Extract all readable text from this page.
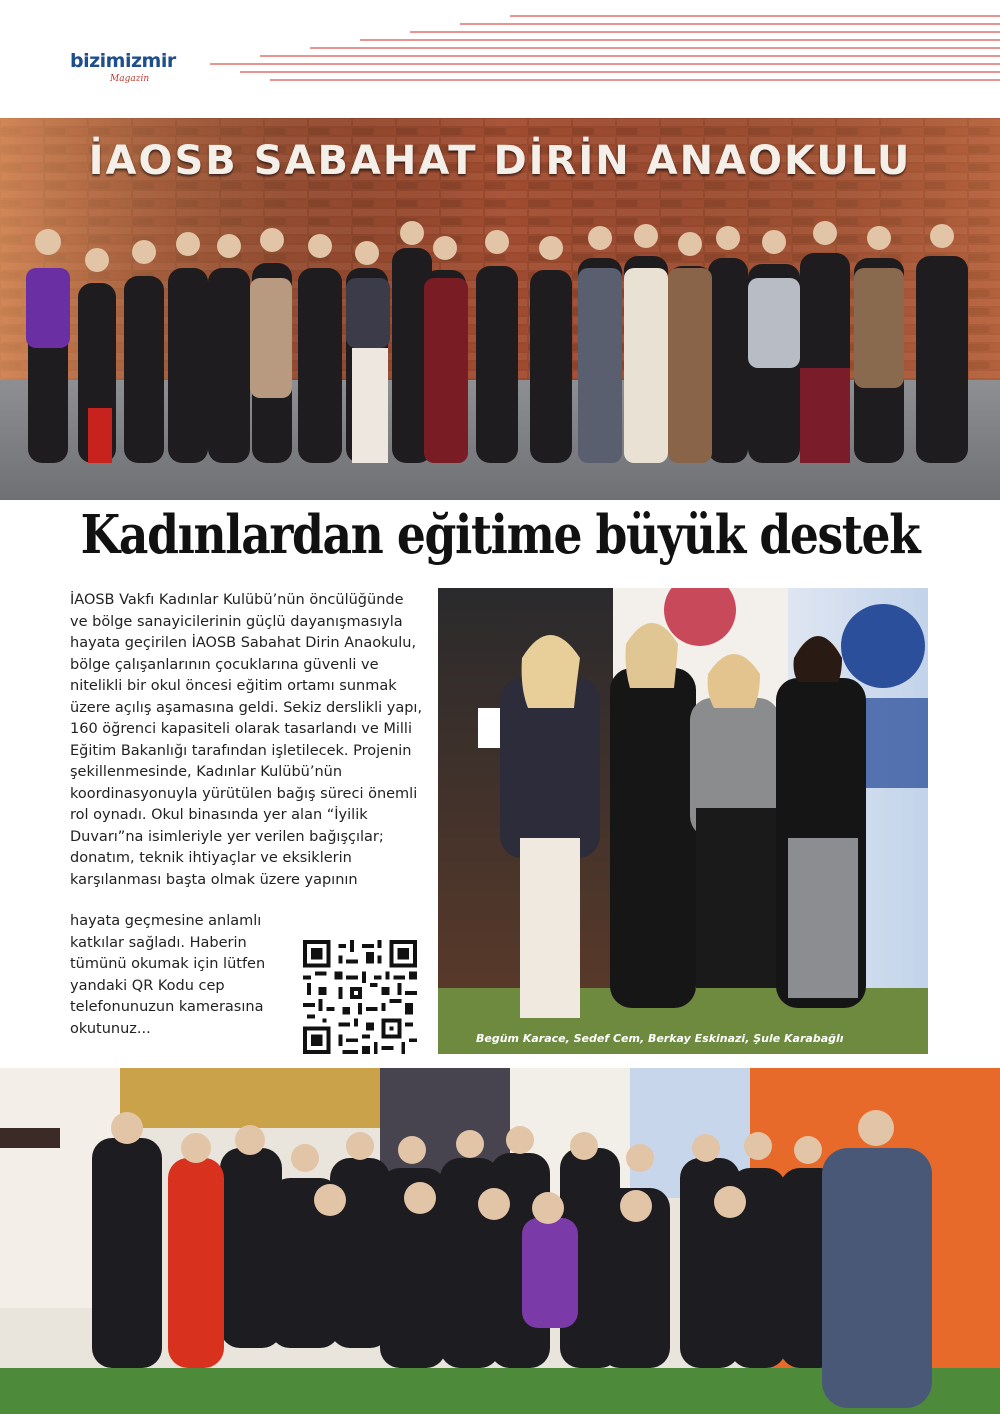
bizimizmir
Magazin
İAOSB SABAHAT DİRİN ANAOKULU
Kadınlardan eğitime büyük destek

İAOSB Vakfı Kadınlar Kulübü’nün öncülüğünde ve bölge sanayicilerinin güçlü dayanışmasıyla hayata geçirilen İAOSB Sabahat Dirin Anaokulu, bölge çalışanlarının çocuklarına güvenli ve nitelikli bir okul öncesi eğitim ortamı sunmak üzere açılış aşamasına geldi. Sekiz derslikli yapı, 160 öğrenci kapasiteli olarak tasarlandı ve Milli Eğitim Bakanlığı tarafından işletilecek. Projenin şekillenmesinde, Kadınlar Kulübü’nün koordinasyonuyla yürütülen bağış süreci önemli rol oynadı. Okul binasında yer alan “İyilik Duvarı”na isimleriyle yer verilen bağışçılar; donatım, teknik ihtiyaçlar ve eksiklerin karşılanması başta olmak üzere yapının

hayata geçmesine anlamlı katkılar sağladı. Haberin tümünü okumak için lütfen yandaki QR Kodu cep telefonunuzun kamerasına okutunuz...

Begüm Karace, Sedef Cem, Berkay Eskinazi, Şule Karabağlı
